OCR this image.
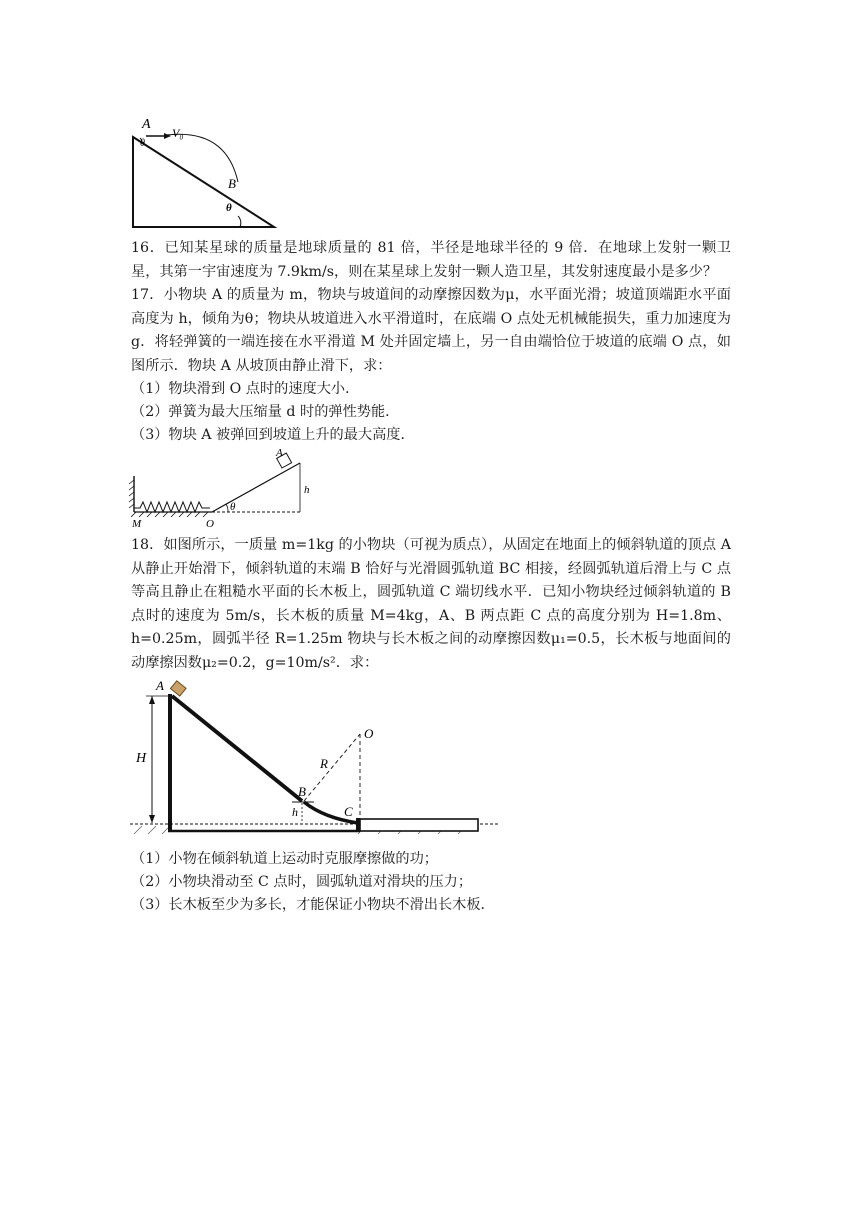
A
θ
V₀
B
θ
16．已知某星球的质量是地球质量的 81 倍，半径是地球半径的 9 倍．在地球上发射一颗卫星，其第一宇宙速度为 7.9km/s，则在某星球上发射一颗人造卫星，其发射速度最小是多少？
17．小物块 A 的质量为 m，物块与坡道间的动摩擦因数为μ，水平面光滑；坡道顶端距水平面高度为 h，倾角为θ；物块从坡道进入水平滑道时，在底端 O 点处无机械能损失，重力加速度为 g．将轻弹簧的一端连接在水平滑道 M 处并固定墙上，另一自由端恰位于坡道的底端 O 点，如图所示．物块 A 从坡顶由静止滑下，求：
（1）物块滑到 O 点时的速度大小．
（2）弹簧为最大压缩量 d 时的弹性势能．
（3）物块 A 被弹回到坡道上升的最大高度．
A
h
M	O
θ
18．如图所示，一质量 m=1kg 的小物块（可视为质点），从固定在地面上的倾斜轨道的顶点 A 从静止开始滑下，倾斜轨道的末端 B 恰好与光滑圆弧轨道 BC 相接，经圆弧轨道后滑上与 C 点等高且静止在粗糙水平面的长木板上，圆弧轨道 C 端切线水平．已知小物块经过倾斜轨道的 B 点时的速度为 5m/s，长木板的质量 M=4kg，A、B 两点距 C 点的高度分别为 H=1.8m、h=0.25m，圆弧半径 R=1.25m 物块与长木板之间的动摩擦因数μ₁=0.5，长木板与地面间的动摩擦因数μ₂=0.2，g=10m/s²．求：
A
H
O
R
B
h	C
（1）小物在倾斜轨道上运动时克服摩擦做的功；
（2）小物块滑动至 C 点时，圆弧轨道对滑块的压力；
（3）长木板至少为多长，才能保证小物块不滑出长木板．
